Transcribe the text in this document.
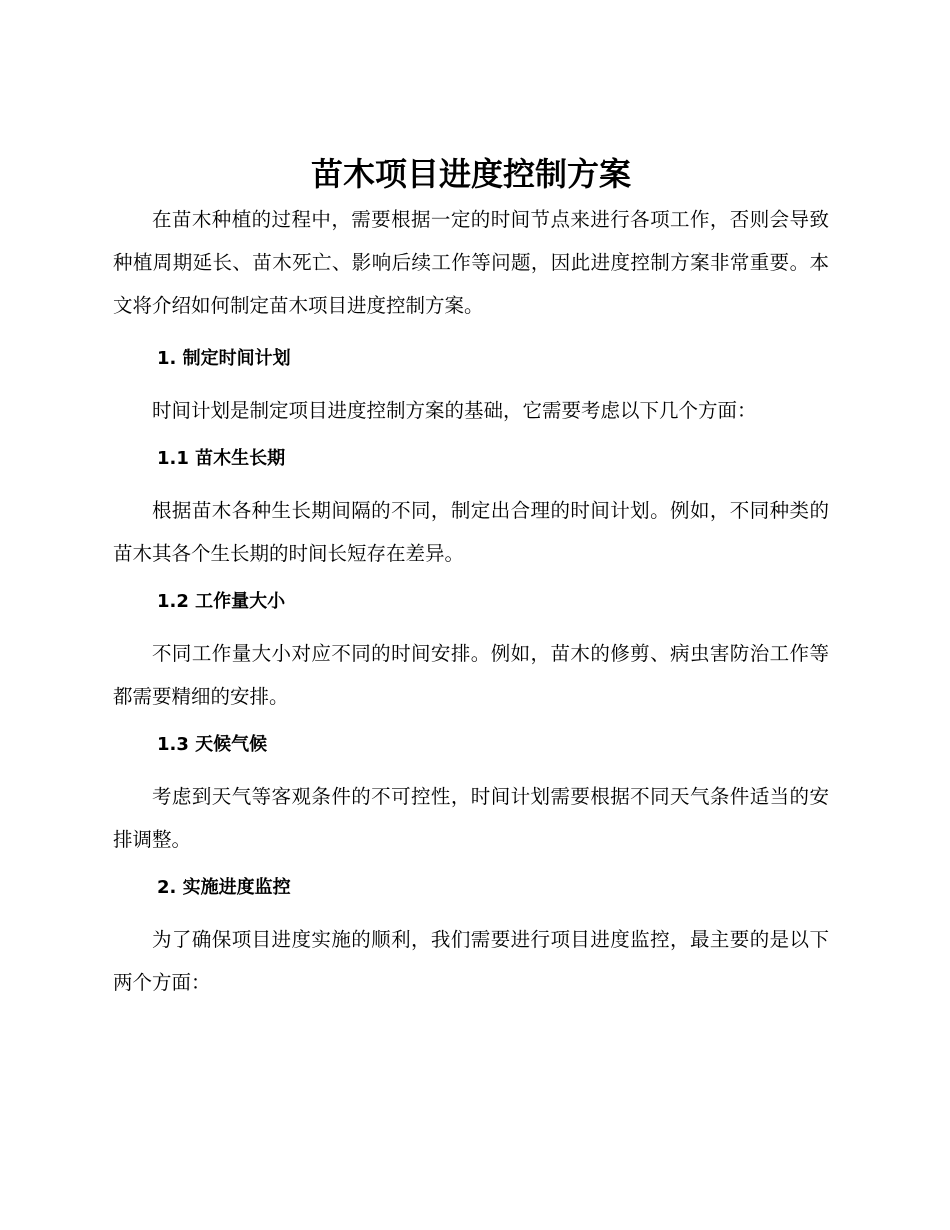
苗木项目进度控制方案

在苗木种植的过程中，需要根据一定的时间节点来进行各项工作，否则会导致种植周期延长、苗木死亡、影响后续工作等问题，因此进度控制方案非常重要。本文将介绍如何制定苗木项目进度控制方案。

1. 制定时间计划

时间计划是制定项目进度控制方案的基础，它需要考虑以下几个方面：

1.1 苗木生长期

根据苗木各种生长期间隔的不同，制定出合理的时间计划。例如，不同种类的苗木其各个生长期的时间长短存在差异。

1.2 工作量大小

不同工作量大小对应不同的时间安排。例如，苗木的修剪、病虫害防治工作等都需要精细的安排。

1.3 天候气候

考虑到天气等客观条件的不可控性，时间计划需要根据不同天气条件适当的安排调整。

2. 实施进度监控

为了确保项目进度实施的顺利，我们需要进行项目进度监控，最主要的是以下两个方面：
